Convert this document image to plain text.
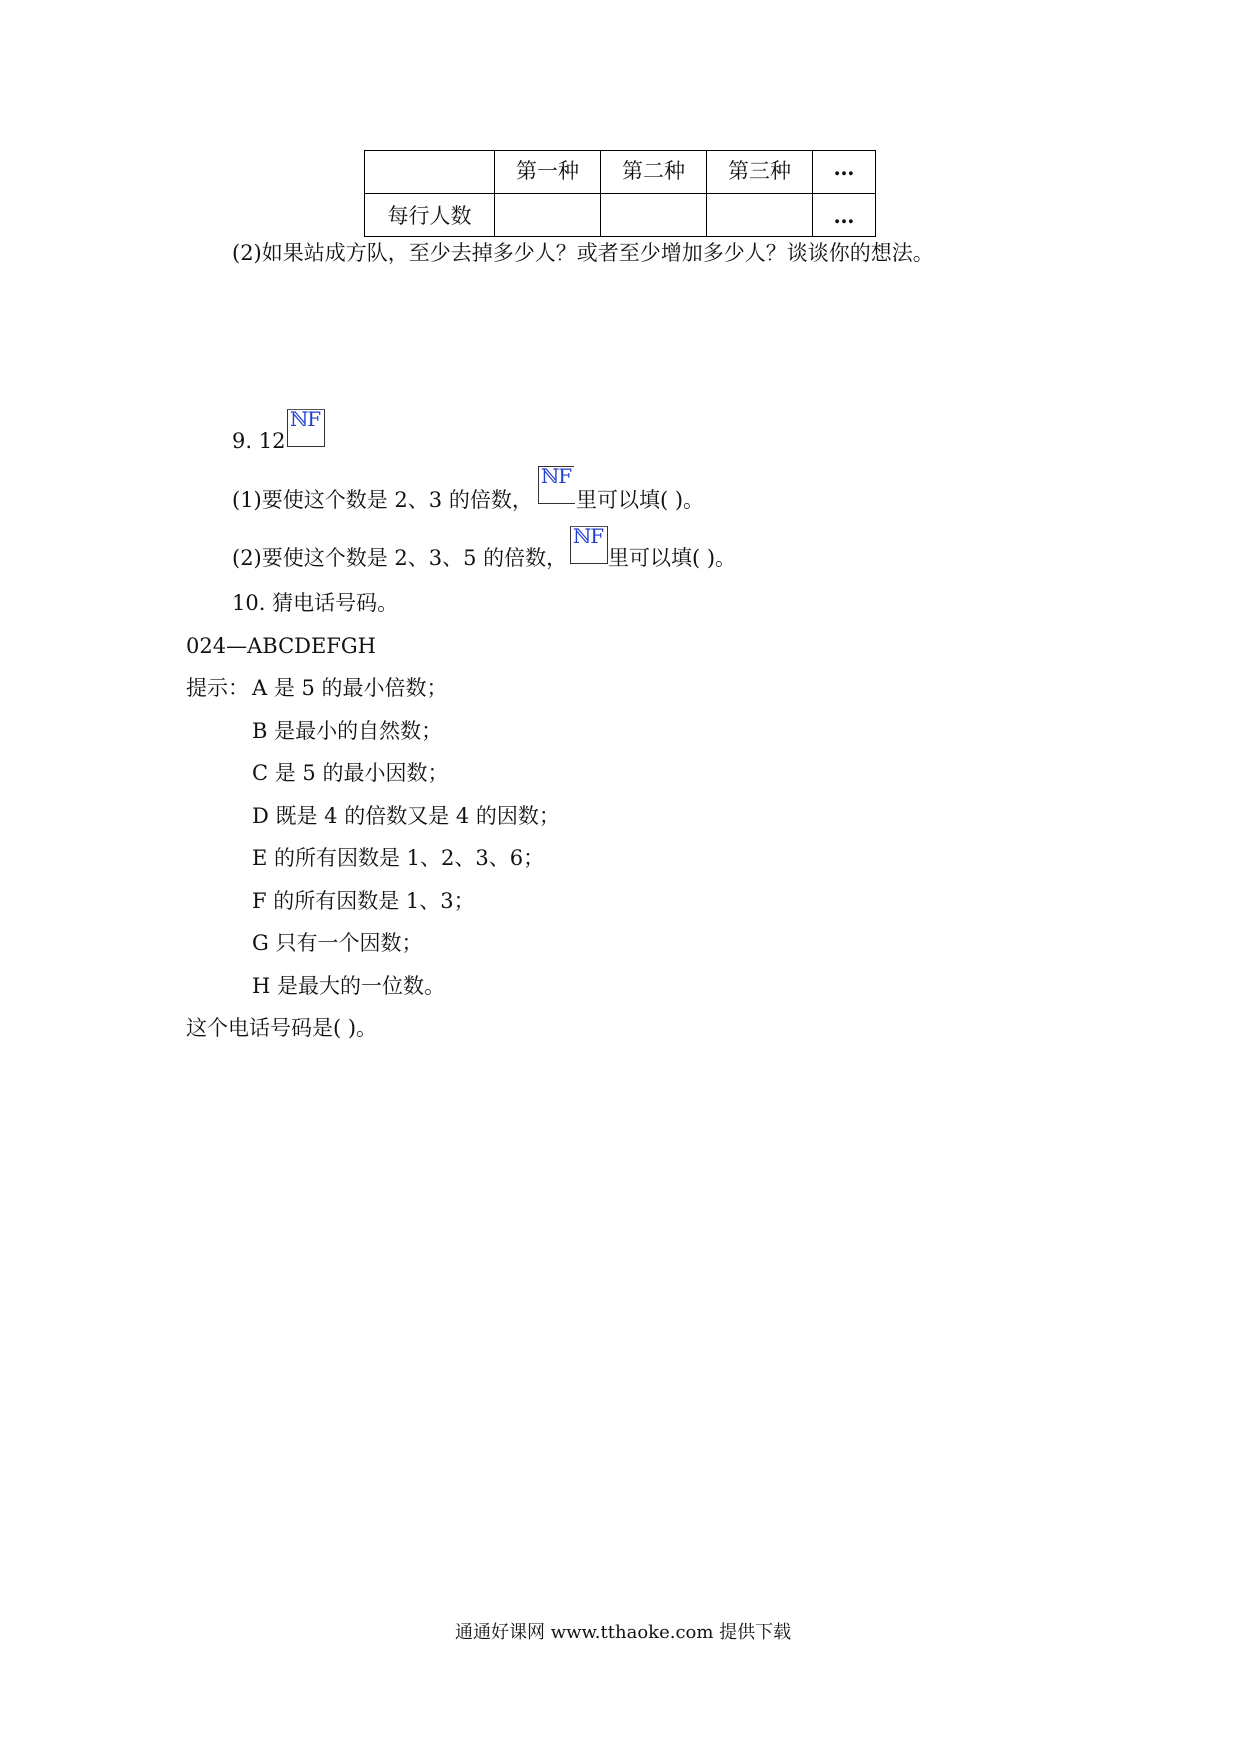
	第一种	第二种	第三种	…
每行人数				…
(2)如果站成方队，至少去掉多少人？或者至少增加多少人？谈谈你的想法。
9. 12
ℕF
(1)要使这个数是 2、3 的倍数，
ℕF
里可以填( )。
(2)要使这个数是 2、3、5 的倍数，
ℕF
里可以填( )。
10. 猜电话号码。
024—ABCDEFGH
提示： A 是 5 的最小倍数；
B 是最小的自然数；
C 是 5 的最小因数；
D 既是 4 的倍数又是 4 的因数；
E 的所有因数是 1、2、3、6；
F 的所有因数是 1、3；
G 只有一个因数；
H 是最大的一位数。
这个电话号码是( )。
通通好课网 www.tthaoke.com 提供下载
